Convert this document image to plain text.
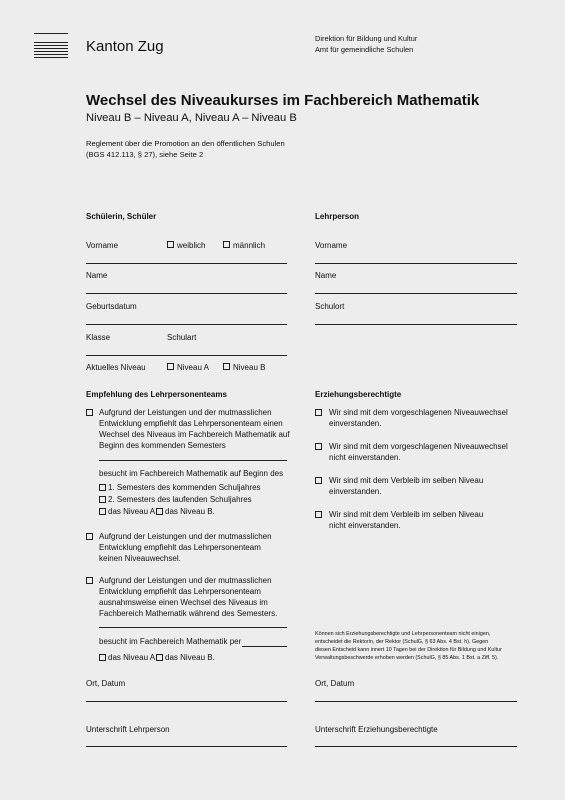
Kanton Zug	Direktion für Bildung und Kultur
Amt für gemeindliche Schulen
Wechsel des Niveaukurses im Fachbereich Mathematik
Niveau B – Niveau A, Niveau A – Niveau B
Reglement über die Promotion an den öffentlichen Schulen
(BGS 412.113, § 27), siehe Seite 2
Schülerin, Schüler
Vorname	weiblich	männlich
Name
Geburtsdatum
Klasse	Schulart
Aktuelles Niveau	Niveau A	Niveau B
Lehrperson
Vorname
Name
Schulort
Empfehlung des Lehrpersonenteams
Aufgrund der Leistungen und der mutmasslichen
Entwicklung empfiehlt das Lehrpersonenteam einen
Wechsel des Niveaus im Fachbereich Mathematik auf
Beginn des kommenden Semesters
besucht im Fachbereich Mathematik auf Beginn des
1. Semesters des kommenden Schuljahres
2. Semesters des laufenden Schuljahres
das Niveau A, das Niveau B.
Aufgrund der Leistungen und der mutmasslichen
Entwicklung empfiehlt das Lehrpersonenteam
keinen Niveauwechsel.
Aufgrund der Leistungen und der mutmasslichen
Entwicklung empfiehlt das Lehrpersonenteam
ausnahmsweise einen Wechsel des Niveaus im
Fachbereich Mathematik während des Semesters.
besucht im Fachbereich Mathematik per
das Niveau A, das Niveau B.
Erziehungsberechtigte
Wir sind mit dem vorgeschlagenen Niveauwechsel
einverstanden.
Wir sind mit dem vorgeschlagenen Niveauwechsel
nicht einverstanden.
Wir sind mit dem Verbleib im selben Niveau
einverstanden.
Wir sind mit dem Verbleib im selben Niveau
nicht einverstanden.
Können sich Erziehungsberechtigte und Lehrpersonenteam nicht einigen,
entscheidet die Rektorin, der Rektor (SchulG, § 63 Abs. 4 Bst. h). Gegen
diesen Entscheid kann innert 10 Tagen bei der Direktion für Bildung und Kultur
Verwaltungsbeschwerde erhoben werden (SchulG, § 85 Abs. 1 Bst. a Ziff. 5).
Ort, Datum
Unterschrift Lehrperson
Ort, Datum
Unterschrift Erziehungsberechtigte
